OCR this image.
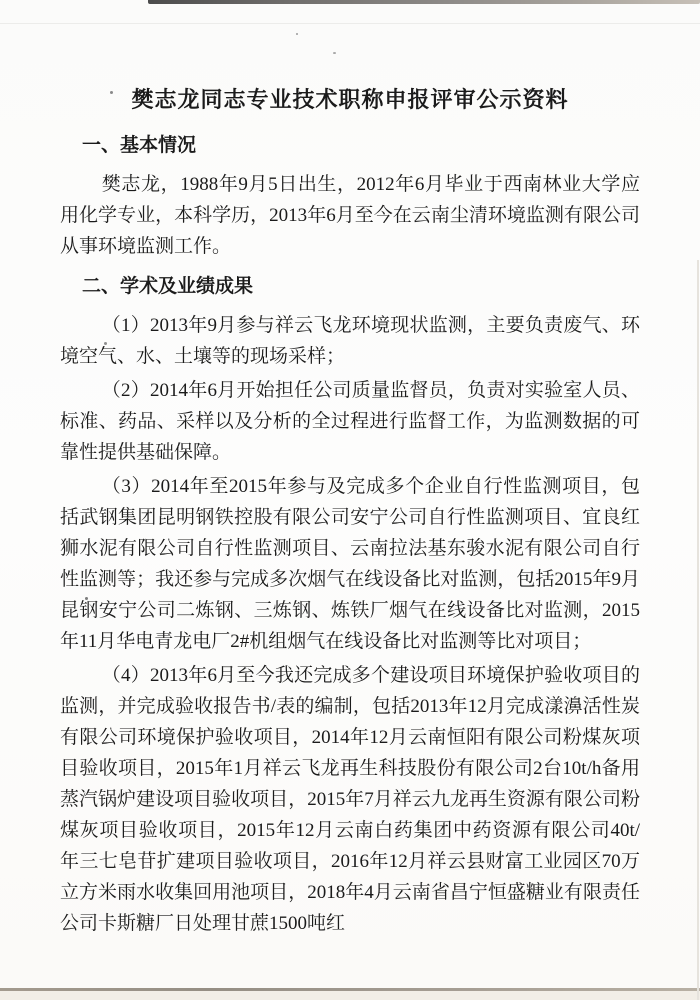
樊志龙同志专业技术职称申报评审公示资料
一、基本情况

樊志龙，1988年9月5日出生，2012年6月毕业于西南林业大学应用化学专业，本科学历，2013年6月至今在云南尘清环境监测有限公司从事环境监测工作。

二、学术及业绩成果

（1）2013年9月参与祥云飞龙环境现状监测，主要负责废气、环境空气、水、土壤等的现场采样；

（2）2014年6月开始担任公司质量监督员，负责对实验室人员、标准、药品、采样以及分析的全过程进行监督工作，为监测数据的可靠性提供基础保障。

（3）2014年至2015年参与及完成多个企业自行性监测项目，包括武钢集团昆明钢铁控股有限公司安宁公司自行性监测项目、宜良红狮水泥有限公司自行性监测项目、云南拉法基东骏水泥有限公司自行性监测等；我还参与完成多次烟气在线设备比对监测，包括2015年9月昆钢安宁公司二炼钢、三炼钢、炼铁厂烟气在线设备比对监测，2015年11月华电青龙电厂2#机组烟气在线设备比对监测等比对项目；

（4）2013年6月至今我还完成多个建设项目环境保护验收项目的监测，并完成验收报告书/表的编制，包括2013年12月完成漾濞活性炭有限公司环境保护验收项目，2014年12月云南恒阳有限公司粉煤灰项目验收项目，2015年1月祥云飞龙再生科技股份有限公司2台10t/h备用蒸汽锅炉建设项目验收项目，2015年7月祥云九龙再生资源有限公司粉煤灰项目验收项目，2015年12月云南白药集团中药资源有限公司40t/年三七皂苷扩建项目验收项目，2016年12月祥云县财富工业园区70万立方米雨水收集回用池项目，2018年4月云南省昌宁恒盛糖业有限责任公司卡斯糖厂日处理甘蔗1500吨红
